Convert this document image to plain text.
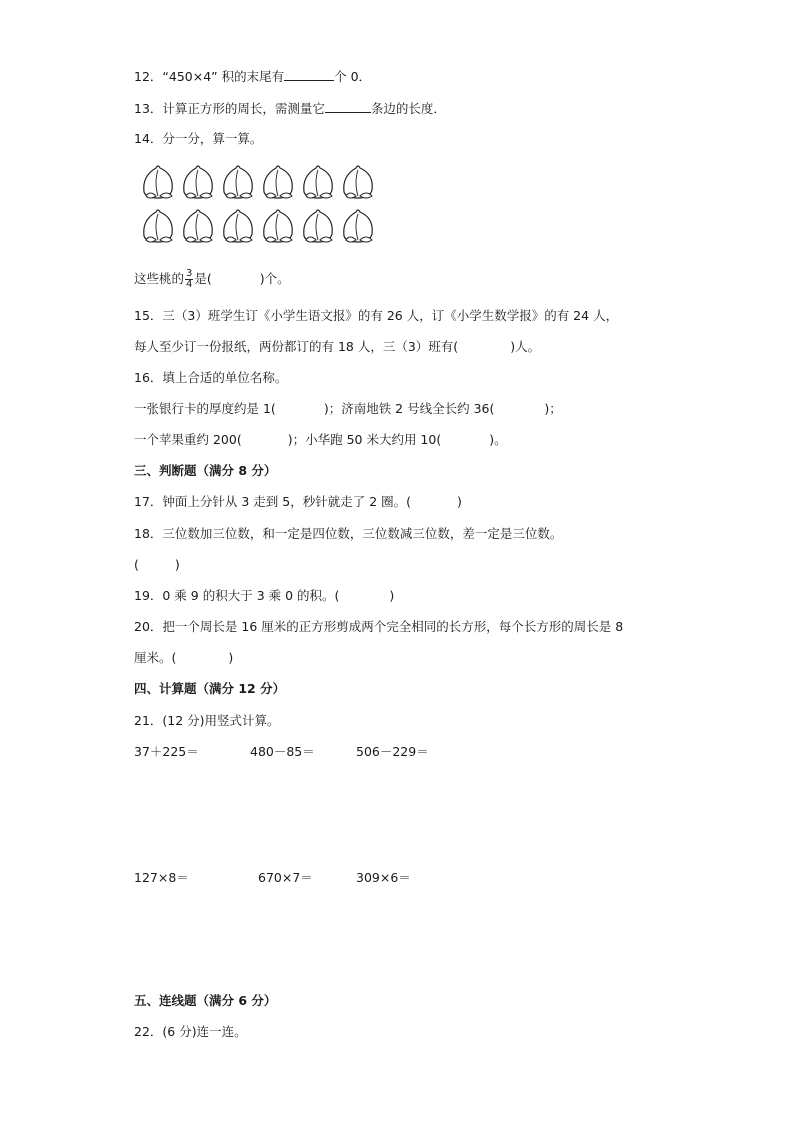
12．“450×4” 积的末尾有	个 0．
13．计算正方形的周长，需测量它	条边的长度．
14．分一分，算一算。
这些桃的 $\frac{3}{4}$ 是(	)个。
15．三（3）班学生订《小学生语文报》的有 26 人，订《小学生数学报》的有 24 人，
每人至少订一份报纸，两份都订的有 18 人，三（3）班有(	)人。
16．填上合适的单位名称。
一张银行卡的厚度约是 1(	)；济南地铁 2 号线全长约 36(	)；
一个苹果重约 200(	)；小华跑 50 米大约用 10(	)。
三、判断题（满分 8 分）
17．钟面上分针从 3 走到 5，秒针就走了 2 圈。(	)
18．三位数加三位数，和一定是四位数，三位数减三位数，差一定是三位数。
(	)
19．0 乘 9 的积大于 3 乘 0 的积。(	)
20．把一个周长是 16 厘米的正方形剪成两个完全相同的长方形，每个长方形的周长是 8
厘米。(	)
四、计算题（满分 12 分）
21．(12 分)用竖式计算。
37＋225＝	480－85＝	506－229＝
127×8＝	670×7＝	309×6＝
五、连线题（满分 6 分）
22．(6 分)连一连。
